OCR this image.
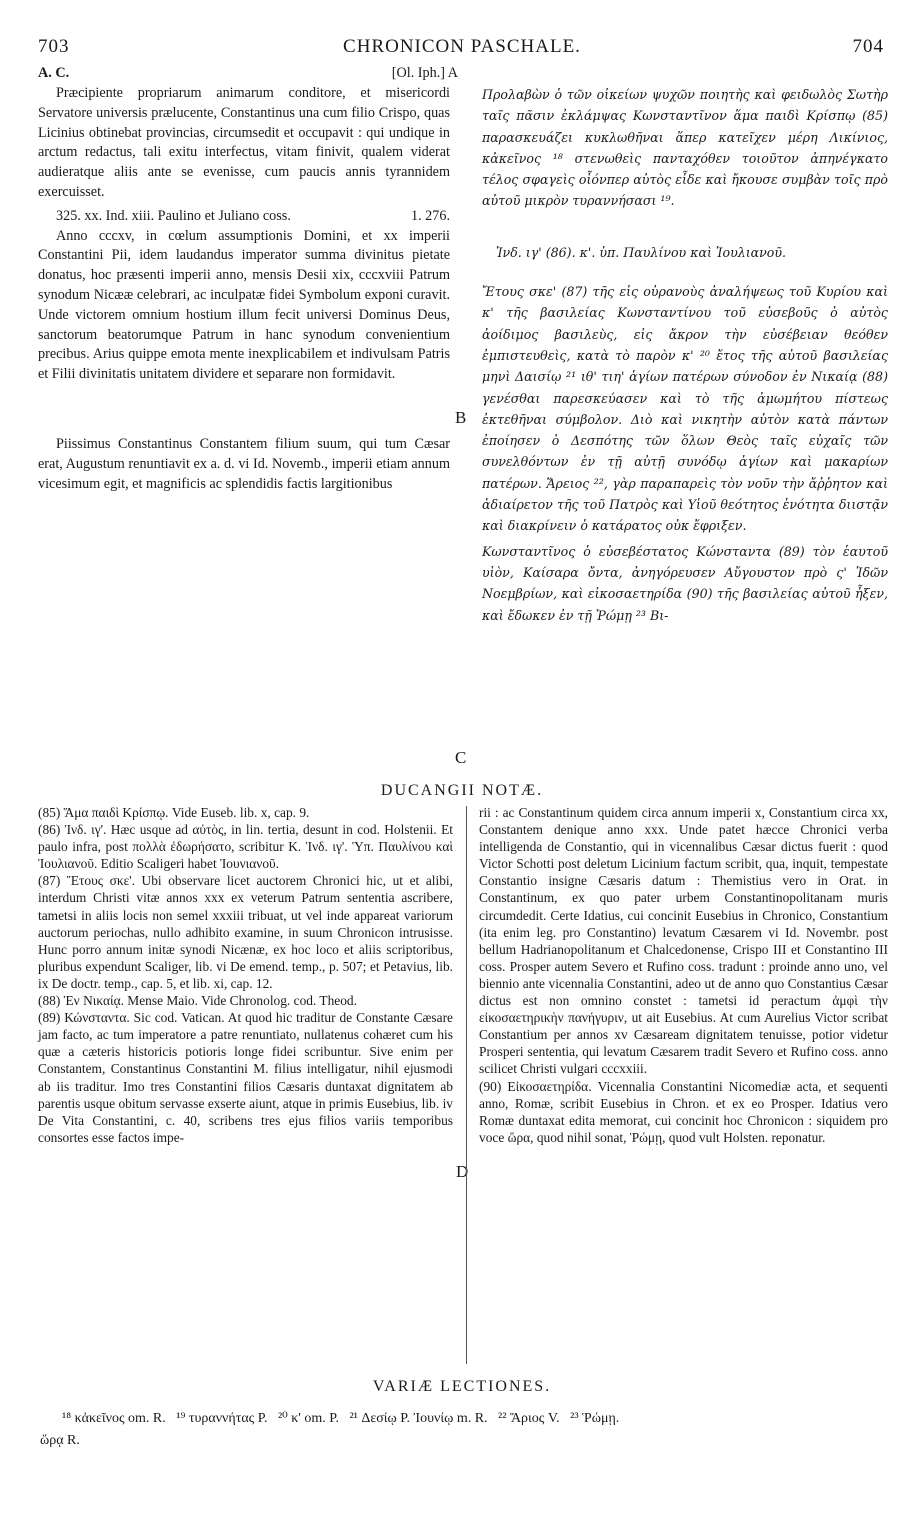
703	CHRONICON PASCHALE.	704
A. C.	[Ol. Iph.] A

Præcipiente propriarum animarum conditore, et misericordi Servatore universis prælucente, Constantinus una cum filio Crispo, quas Licinius obtinebat provincias, circumsedit et occupavit : qui undique in arctum redactus, tali exitu interfectus, vitam finivit, qualem viderat audieratque aliis ante se evenisse, cum paucis annis tyrannidem exercuisset.

325. xx. Ind. xiii. Paulino et Juliano coss.	1. 276.

Anno cccxv, in cœlum assumptionis Domini, et xx imperii Constantini Pii, idem laudandus imperator summa divinitus pietate donatus, hoc præsenti imperii anno, mensis Desii xix, cccxviii Patrum synodum Nicææ celebrari, ac inculpatæ fidei Symbolum exponi curavit. Unde victorem omnium hostium illum fecit universi Dominus Deus, sanctorum beatorumque Patrum in hanc synodum convenientium precibus. Arius quippe emota mente inexplicabilem et indivulsam Patris et Filii divinitatis unitatem dividere et separare non formidavit.

Piissimus Constantinus Constantem filium suum, qui tum Cæsar erat, Augustum renuntiavit ex a. d. vi Id. Novemb., imperii etiam annum vicesimum egit, et magnificis ac splendidis factis largitionibus

B
C
D

Προλαβὼν ὁ τῶν οἰκείων ψυχῶν ποιητὴς καὶ φειδωλὸς Σωτὴρ ταῖς πᾶσιν ἐκλάμψας Κωνσταντῖνον ἅμα παιδὶ Κρίσπῳ (85) παρασκευάζει κυκλωθῆναι ἅπερ κατεῖχεν μέρη Λικίνιος, κἀκεῖνος ¹⁸ στενωθεὶς πανταχόθεν τοιοῦτον ἀπηνέγκατο τέλος σφαγεὶς οἷόνπερ αὐτὸς εἶδε καὶ ἤκουσε συμβὰν τοῖς πρὸ αὐτοῦ μικρὸν τυραννήσασι ¹⁹.

Ἰνδ. ιγ' (86). κ'. ὑπ. Παυλίνου καὶ Ἰουλιανοῦ.

Ἔτους σκε' (87) τῆς εἰς οὐρανοὺς ἀναλήψεως τοῦ Κυρίου καὶ κ' τῆς βασιλείας Κωνσταντίνου τοῦ εὐσεβοῦς ὁ αὐτὸς ἀοίδιμος βασιλεὺς, εἰς ἄκρον τὴν εὐσέβειαν θεόθεν ἐμπιστευθεὶς, κατὰ τὸ παρὸν κ' ²⁰ ἔτος τῆς αὐτοῦ βασιλείας μηνὶ Δαισίῳ ²¹ ιθ' τιη' ἁγίων πατέρων σύνοδον ἐν Νικαίᾳ (88) γενέσθαι παρεσκεύασεν καὶ τὸ τῆς ἀμωμήτου πίστεως ἐκτεθῆναι σύμβολον. Διὸ καὶ νικητὴν αὐτὸν κατὰ πάντων ἐποίησεν ὁ Δεσπότης τῶν ὅλων Θεὸς ταῖς εὐχαῖς τῶν συνελθόντων ἐν τῇ αὐτῇ συνόδῳ ἁγίων καὶ μακαρίων πατέρων. Ἄρειος ²², γὰρ παραπαρεὶς τὸν νοῦν τὴν ἄῤῥητον καὶ ἀδιαίρετον τῆς τοῦ Πατρὸς καὶ Υἱοῦ θεότητος ἑνότητα διιστᾷν καὶ διακρίνειν ὁ κατάρατος οὐκ ἔφριξεν.

Κωνσταντῖνος ὁ εὐσεβέστατος Κώνσταντα (89) τὸν ἑαυτοῦ υἱὸν, Καίσαρα ὄντα, ἀνηγόρευσεν Αὔγουστον πρὸ ς' Ἰδῶν Νοεμβρίων, καὶ εἰκοσαετηρίδα (90) τῆς βασιλείας αὐτοῦ ἦξεν, καὶ ἔδωκεν ἐν τῇ Ῥώμῃ ²³ Βι-

DUCANGII NOTÆ.

(85) Ἅμα παιδὶ Κρίσπῳ. Vide Euseb. lib. x, cap. 9.

(86) Ἰνδ. ιγ'. Hæc usque ad αὐτὸς, in lin. tertia, desunt in cod. Holstenii. Et paulo infra, post πολλὰ ἐδωρήσατο, scribitur K. Ἰνδ. ιγ'. Ὑπ. Παυλίνου καὶ Ἰουλιανοῦ. Editio Scaligeri habet Ἰουνιανοῦ.

(87) Ἔτους σκε'. Ubi observare licet auctorem Chronici hic, ut et alibi, interdum Christi vitæ annos xxx ex veterum Patrum sententia ascribere, tametsi in aliis locis non semel xxxiii tribuat, ut vel inde appareat variorum auctorum periochas, nullo adhibito examine, in suum Chronicon intrusisse. Hunc porro annum initæ synodi Nicænæ, ex hoc loco et aliis scriptoribus, pluribus expendunt Scaliger, lib. vi De emend. temp., p. 507; et Petavius, lib. ix De doctr. temp., cap. 5, et lib. xi, cap. 12.

(88) Ἐν Νικαίᾳ. Mense Maio. Vide Chronolog. cod. Theod.

(89) Κώνσταντα. Sic cod. Vatican. At quod hic traditur de Constante Cæsare jam facto, ac tum imperatore a patre renuntiato, nullatenus cohæret cum his quæ a cæteris historicis potioris longe fidei scribuntur. Sive enim per Constantem, Constantinus Constantini M. filius intelligatur, nihil ejusmodi ab iis traditur. Imo tres Constantini filios Cæsaris duntaxat dignitatem ab parentis usque obitum servasse exserte aiunt, atque in primis Eusebius, lib. iv De Vita Constantini, c. 40, scribens tres ejus filios variis temporibus consortes esse factos impe-

rii : ac Constantinum quidem circa annum imperii x, Constantium circa xx, Constantem denique anno xxx. Unde patet hæcce Chronici verba intelligenda de Constantio, qui in vicennalibus Cæsar dictus fuerit : quod Victor Schotti post deletum Licinium factum scribit, qua, inquit, tempestate Constantio insigne Cæsaris datum : Themistius vero in Orat. in Constantinum, ex quo pater urbem Constantinopolitanam muris circumdedit. Certe Idatius, cui concinit Eusebius in Chronico, Constantium (ita enim leg. pro Constantino) levatum Cæsarem vi Id. Novembr. post bellum Hadrianopolitanum et Chalcedonense, Crispo III et Constantino III coss. Prosper autem Severo et Rufino coss. tradunt : proinde anno uno, vel biennio ante vicennalia Constantini, adeo ut de anno quo Constantius Cæsar dictus est non omnino constet : tametsi id peractum ἀμφὶ τὴν εἰκοσαετηρικὴν πανήγυριν, ut ait Eusebius. At cum Aurelius Victor scribat Constantium per annos xv Cæsaream dignitatem tenuisse, potior videtur Prosperi sententia, qui levatum Cæsarem tradit Severo et Rufino coss. anno scilicet Christi vulgari cccxxiii.

(90) Εἰκοσαετηρίδα. Vicennalia Constantini Nicomediæ acta, et sequenti anno, Romæ, scribit Eusebius in Chron. et ex eo Prosper. Idatius vero Romæ duntaxat edita memorat, cui concinit hoc Chronicon : siquidem pro voce ὥρα, quod nihil sonat, Ῥώμῃ, quod vult Holsten. reponatur.

VARIÆ LECTIONES.
¹⁸ κἀκεῖνος om. R.   ¹⁹ τυραννήτας P.   ²⁰ κ' om. P.   ²¹ Δεσίῳ P. Ἰουνίῳ m. R.   ²² Ἄριος V.   ²³ Ῥώμῃ.
ὥρᾳ R.
